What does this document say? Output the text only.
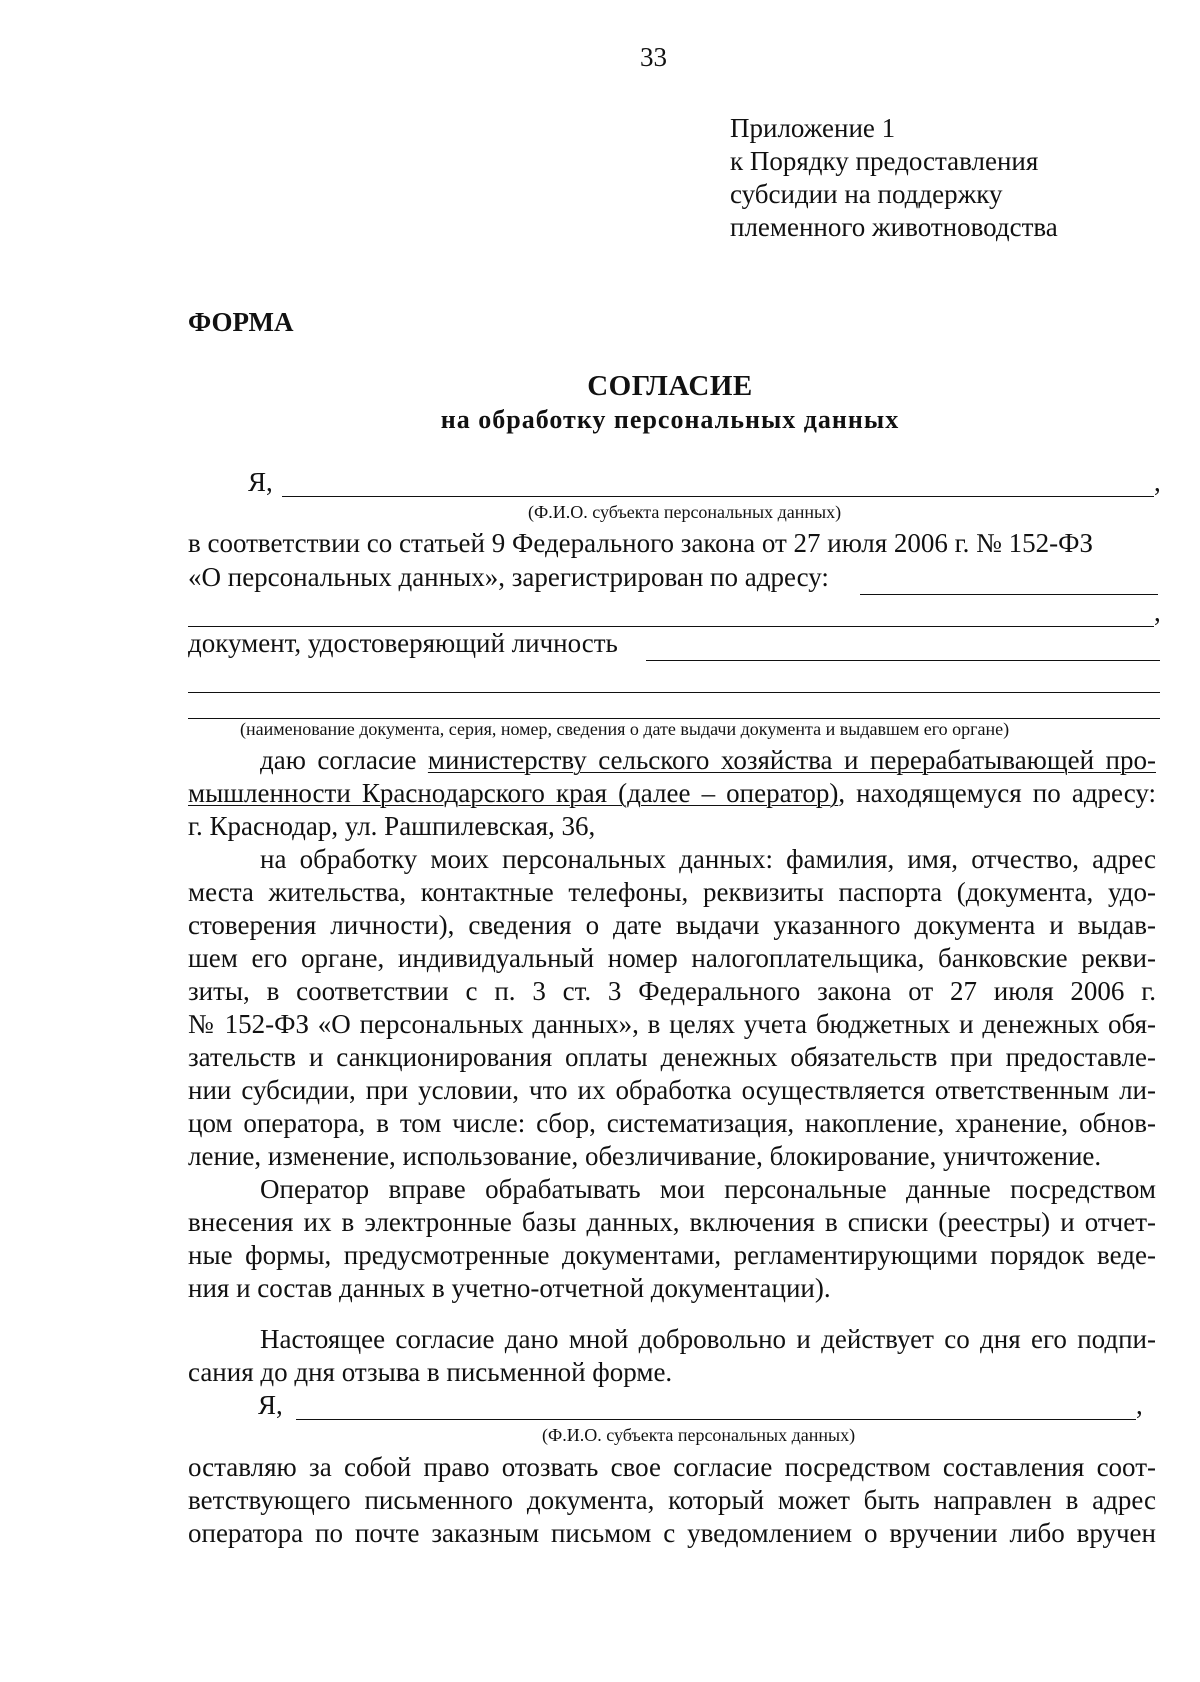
33
Приложение 1
к Порядку предоставления
субсидии на поддержку
племенного животноводства
ФОРМА
СОГЛАСИЕ
на обработку персональных данных
Я,	,
(Ф.И.О. субъекта персональных данных)
в соответствии со статьей 9 Федерального закона от 27 июля 2006 г. № 152-ФЗ
«О персональных данных», зарегистрирован по адресу:
,
документ, удостоверяющий личность
(наименование документа, серия, номер, сведения о дате выдачи документа и выдавшем его органе)
даю согласие министерству сельского хозяйства и перерабатывающей про-
мышленности Краснодарского края (далее – оператор), находящемуся по адресу:
г. Краснодар, ул. Рашпилевская, 36,
на обработку моих персональных данных: фамилия, имя, отчество, адрес
места жительства, контактные телефоны, реквизиты паспорта (документа, удо-
стоверения личности), сведения о дате выдачи указанного документа и выдав-
шем его органе, индивидуальный номер налогоплательщика, банковские рекви-
зиты, в соответствии с п. 3 ст. 3 Федерального закона от 27 июля 2006 г.
№ 152-ФЗ «О персональных данных», в целях учета бюджетных и денежных обя-
зательств и санкционирования оплаты денежных обязательств при предоставле-
нии субсидии, при условии, что их обработка осуществляется ответственным ли-
цом оператора, в том числе: сбор, систематизация, накопление, хранение, обнов-
ление, изменение, использование, обезличивание, блокирование, уничтожение.
Оператор вправе обрабатывать мои персональные данные посредством
внесения их в электронные базы данных, включения в списки (реестры) и отчет-
ные формы, предусмотренные документами, регламентирующими порядок веде-
ния и состав данных в учетно-отчетной документации).
Настоящее согласие дано мной добровольно и действует со дня его подпи-
сания до дня отзыва в письменной форме.
Я,	,
(Ф.И.О. субъекта персональных данных)
оставляю за собой право отозвать свое согласие посредством составления соот-
ветствующего письменного документа, который может быть направлен в адрес
оператора по почте заказным письмом с уведомлением о вручении либо вручен
